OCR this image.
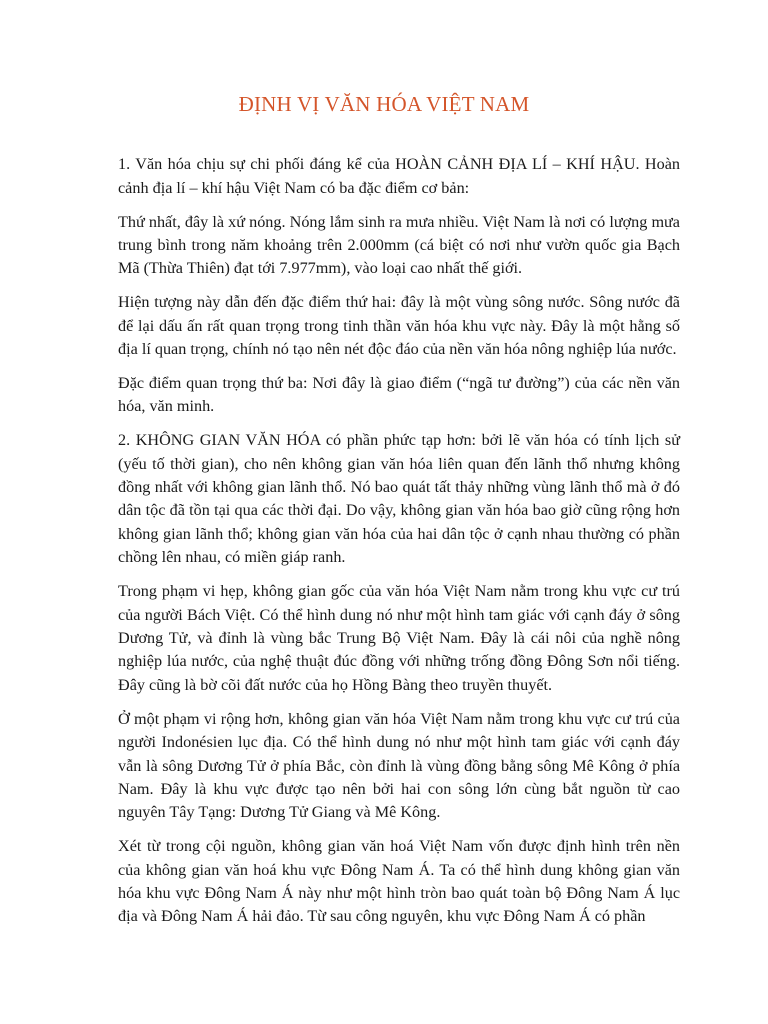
ĐỊNH VỊ VĂN HÓA VIỆT NAM

1. Văn hóa chịu sự chi phối đáng kể của HOÀN CẢNH ĐỊA LÍ – KHÍ HẬU. Hoàn cảnh địa lí – khí hậu Việt Nam có ba đặc điểm cơ bản:

Thứ nhất, đây là xứ nóng. Nóng lắm sinh ra mưa nhiều. Việt Nam là nơi có lượng mưa trung bình trong năm khoảng trên 2.000mm (cá biệt có nơi như vườn quốc gia Bạch Mã (Thừa Thiên) đạt tới 7.977mm), vào loại cao nhất thế giới.

Hiện tượng này dẫn đến đặc điểm thứ hai: đây là một vùng sông nước. Sông nước đã để lại dấu ấn rất quan trọng trong tinh thần văn hóa khu vực này. Đây là một hằng số địa lí quan trọng, chính nó tạo nên nét độc đáo của nền văn hóa nông nghiệp lúa nước.

Đặc điểm quan trọng thứ ba: Nơi đây là giao điểm (“ngã tư đường”) của các nền văn hóa, văn minh.

2. KHÔNG GIAN VĂN HÓA có phần phức tạp hơn: bởi lẽ văn hóa có tính lịch sử (yếu tố thời gian), cho nên không gian văn hóa liên quan đến lãnh thổ nhưng không đồng nhất với không gian lãnh thổ. Nó bao quát tất thảy những vùng lãnh thổ mà ở đó dân tộc đã tồn tại qua các thời đại. Do vậy, không gian văn hóa bao giờ cũng rộng hơn không gian lãnh thổ; không gian văn hóa của hai dân tộc ở cạnh nhau thường có phần chồng lên nhau, có miền giáp ranh.

Trong phạm vi hẹp, không gian gốc của văn hóa Việt Nam nằm trong khu vực cư trú của người Bách Việt. Có thể hình dung nó như một hình tam giác với cạnh đáy ở sông Dương Tử, và đỉnh là vùng bắc Trung Bộ Việt Nam. Đây là cái nôi của nghề nông nghiệp lúa nước, của nghệ thuật đúc đồng với những trống đồng Đông Sơn nổi tiếng. Đây cũng là bờ cõi đất nước của họ Hồng Bàng theo truyền thuyết.

Ở một phạm vi rộng hơn, không gian văn hóa Việt Nam nằm trong khu vực cư trú của người Indonésien lục địa. Có thể hình dung nó như một hình tam giác với cạnh đáy vẫn là sông Dương Tử ở phía Bắc, còn đỉnh là vùng đồng bằng sông Mê Kông ở phía Nam. Đây là khu vực được tạo nên bởi hai con sông lớn cùng bắt nguồn từ cao nguyên Tây Tạng: Dương Tử Giang và Mê Kông.

Xét từ trong cội nguồn, không gian văn hoá Việt Nam vốn được định hình trên nền của không gian văn hoá khu vực Đông Nam Á. Ta có thể hình dung không gian văn hóa khu vực Đông Nam Á này như một hình tròn bao quát toàn bộ Đông Nam Á lục địa và Đông Nam Á hải đảo. Từ sau công nguyên, khu vực Đông Nam Á có phần
